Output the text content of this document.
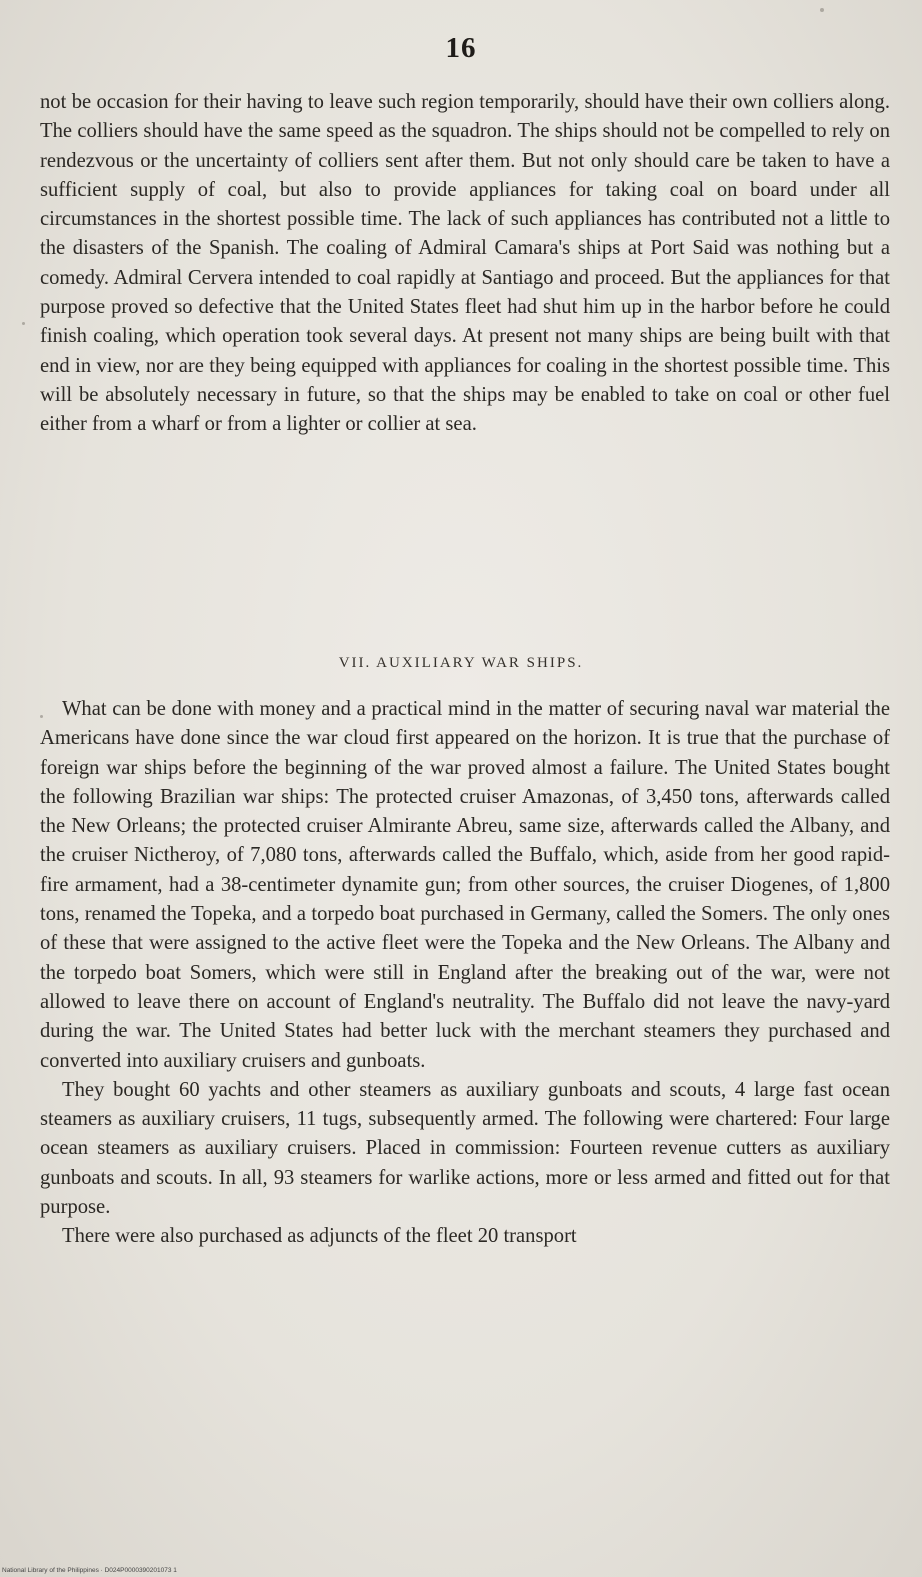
16

not be occasion for their having to leave such region temporarily, should have their own colliers along. The colliers should have the same speed as the squadron. The ships should not be compelled to rely on rendezvous or the uncertainty of colliers sent after them. But not only should care be taken to have a sufficient supply of coal, but also to provide appliances for taking coal on board under all circumstances in the shortest possible time. The lack of such appliances has contributed not a little to the disasters of the Spanish. The coaling of Admiral Camara's ships at Port Said was nothing but a comedy. Admiral Cervera intended to coal rapidly at Santiago and proceed. But the appliances for that purpose proved so defective that the United States fleet had shut him up in the harbor before he could finish coaling, which operation took several days. At present not many ships are being built with that end in view, nor are they being equipped with appliances for coaling in the shortest possible time. This will be absolutely necessary in future, so that the ships may be enabled to take on coal or other fuel either from a wharf or from a lighter or collier at sea.

VII. AUXILIARY WAR SHIPS.

What can be done with money and a practical mind in the matter of securing naval war material the Americans have done since the war cloud first appeared on the horizon. It is true that the purchase of foreign war ships before the beginning of the war proved almost a failure. The United States bought the following Brazilian war ships: The protected cruiser Amazonas, of 3,450 tons, afterwards called the New Orleans; the protected cruiser Almirante Abreu, same size, afterwards called the Albany, and the cruiser Nictheroy, of 7,080 tons, afterwards called the Buffalo, which, aside from her good rapid-fire armament, had a 38-centimeter dynamite gun; from other sources, the cruiser Diogenes, of 1,800 tons, renamed the Topeka, and a torpedo boat purchased in Germany, called the Somers. The only ones of these that were assigned to the active fleet were the Topeka and the New Orleans. The Albany and the torpedo boat Somers, which were still in England after the breaking out of the war, were not allowed to leave there on account of England's neutrality. The Buffalo did not leave the navy-yard during the war. The United States had better luck with the merchant steamers they purchased and converted into auxiliary cruisers and gunboats.

They bought 60 yachts and other steamers as auxiliary gunboats and scouts, 4 large fast ocean steamers as auxiliary cruisers, 11 tugs, subsequently armed. The following were chartered: Four large ocean steamers as auxiliary cruisers. Placed in commission: Fourteen revenue cutters as auxiliary gunboats and scouts. In all, 93 steamers for warlike actions, more or less armed and fitted out for that purpose.

There were also purchased as adjuncts of the fleet 20 transport

National Library of the Philippines · D024P0000390201073 1
